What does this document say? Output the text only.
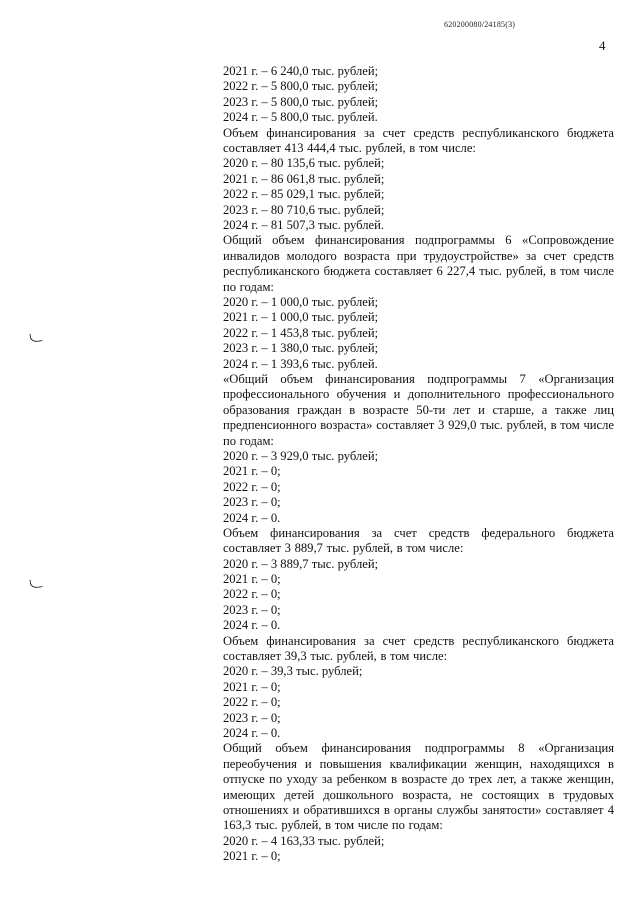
620200080/24185(3)
4
2021 г. – 6 240,0 тыс. рублей;
2022 г. – 5 800,0 тыс. рублей;
2023 г. – 5 800,0 тыс. рублей;
2024 г. – 5 800,0 тыс. рублей.
Объем финансирования за счет средств республиканского бюджета составляет 413 444,4 тыс. рублей, в том числе:
2020 г. – 80 135,6 тыс. рублей;
2021 г. – 86 061,8 тыс. рублей;
2022 г. – 85 029,1 тыс. рублей;
2023 г. – 80 710,6 тыс. рублей;
2024 г. – 81 507,3 тыс. рублей.
Общий объем финансирования подпрограммы 6 «Сопровождение инвалидов молодого возраста при трудоустройстве» за счет средств республиканского бюджета составляет 6 227,4 тыс. рублей, в том числе по годам:
2020 г. – 1 000,0 тыс. рублей;
2021 г. – 1 000,0 тыс. рублей;
2022 г. – 1 453,8 тыс. рублей;
2023 г. – 1 380,0 тыс. рублей;
2024 г. – 1 393,6 тыс. рублей.
«Общий объем финансирования подпрограммы 7 «Организация профессионального обучения и дополнительного профессионального образования граждан в возрасте 50-ти лет и старше, а также лиц предпенсионного возраста» составляет 3 929,0 тыс. рублей, в том числе по годам:
2020 г. – 3 929,0 тыс. рублей;
2021 г. – 0;
2022 г. – 0;
2023 г. – 0;
2024 г. – 0.
Объем финансирования за счет средств федерального бюджета составляет 3 889,7 тыс. рублей, в том числе:
2020 г. – 3 889,7 тыс. рублей;
2021 г. – 0;
2022 г. – 0;
2023 г. – 0;
2024 г. – 0.
Объем финансирования за счет средств республиканского бюджета составляет 39,3 тыс. рублей, в том числе:
2020 г. – 39,3 тыс. рублей;
2021 г. – 0;
2022 г. – 0;
2023 г. – 0;
2024 г. – 0.
Общий объем финансирования подпрограммы 8 «Организация переобучения и повышения квалификации женщин, находящихся в отпуске по уходу за ребенком в возрасте до трех лет, а также женщин, имеющих детей дошкольного возраста, не состоящих в трудовых отношениях и обратившихся в органы службы занятости» составляет 4 163,3 тыс. рублей, в том числе по годам:
2020 г. – 4 163,33 тыс. рублей;
2021 г. – 0;
